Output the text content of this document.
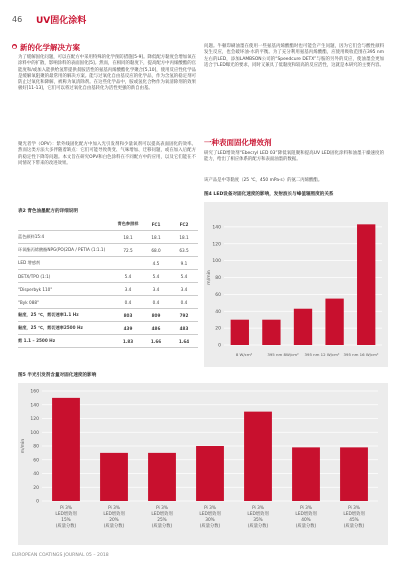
46 UV固化涂料
● 新的化学解决方案
为了缓解固化问题，可以在配方中采用特殊的化学预防措施[5-9]。降低配方黏度会增加氧在涂料中的扩散，影响涂料的表面固化[5]。然而，在相同的黏度下，提高配方中丙烯酸酯的官能度和/或加入能供给氢带提供叔胺活性的氨基丙烯酸酯化学聚合[5,10]，使用反应性化学品是缓解氧阻聚的最常用的解决方案。能与过氧化自由基反应的化学品，作为含氢的稳定剂可防止过氧化和降解，被称为氧清除剂。在这些化学品中，胺或氢化合物作为氧清除剂的效果极好[11-13]，它们可以将过氧化自由基转化为活性更强的新自由基。
聚光者学（OPV）：紫外线固化配方中加入光引发剂和少量氧剂可以提高表面固化的效率。然而这类方法大多伴随着缺点：它们可能导致黄变、气味增加、迁移问题，或在加入后配方的稳定性下降等问题。本文旨在研究OPV和白色涂料在不同配方中的应用，以及它们能在不同情况下带来的改进效果。
表2 青色油墨配方的详细说明
	青色参照样	FC1	FC2
蓝色颜料15:4	18.1	18.1	18.1
环氧酯丙烯酸酯NPG(PO)2DA / PETIA (1:1.1)	72.5	68.0	63.5
LED 增感剂		4.5	9.1
DETX/TPO (1:1)	5.4	5.4	5.4
"Disperbyk 110"	3.4	3.4	3.4
"Byk 088"	0.4	0.4	0.4
黏度，25 ℃，剪切速率1.1 Hz	803	809	792
黏度，25 ℃，剪切速率2500 Hz	439	486	483
剪 1.1 – 2500 Hz	1.83	1.66	1.64
问题。牛顿印刷油墨在使用一些氨基丙烯酸酯时也可能会产生问题，因为它们会与酸性颜料发生反应，也会破坏油-水的平衡。为了充分利用氨基丙烯酸酯，应使用吸收范围在395 nm左右的LED，添加LAMBSON公司的“Speedcure DETX”与胺的另外的反应，使油墨会更加适合于LED曝光的要求，同时又兼具了低黏度和较高的反应活性，这就是本研究的主要内容。
一种表面固化增效剂
研究了LED增效剂“Ebecryl LED 03”降低氧阻聚和提高UV LED固化涂料和油墨干燥速度的能力，给出了相应体系的配方和表面油墨的数据。
该产品是中等黏度（25 ℃，450 mPa·s）的氨二丙烯酸酯。
图4 LED设备对固化速度的影响，发射波长与峰值辐照度的关系
0
20
40
60
80
100
120
140
m/min
8 W/cm²	395 nm 8W/cm² 395 nm 12 W/cm² 395 nm 16 W/cm²
图5 半光引发剂含量对固化速度的影响
0
20
40
60
80
100
120
140
160
m/min
Pi 3% LED增效剂 15% (质量分数)
Pi 3% LED增效剂 20% (质量分数)
Pi 3% LED增效剂 25% (质量分数)
Pi 3% LED增效剂 30% (质量分数)
Pi 3% LED增效剂 35% (质量分数)
Pi 3% LED增效剂 40% (质量分数)
Pi 3% LED增效剂 45% (质量分数)
EUROPEAN COATINGS JOURNAL 05 – 2018
